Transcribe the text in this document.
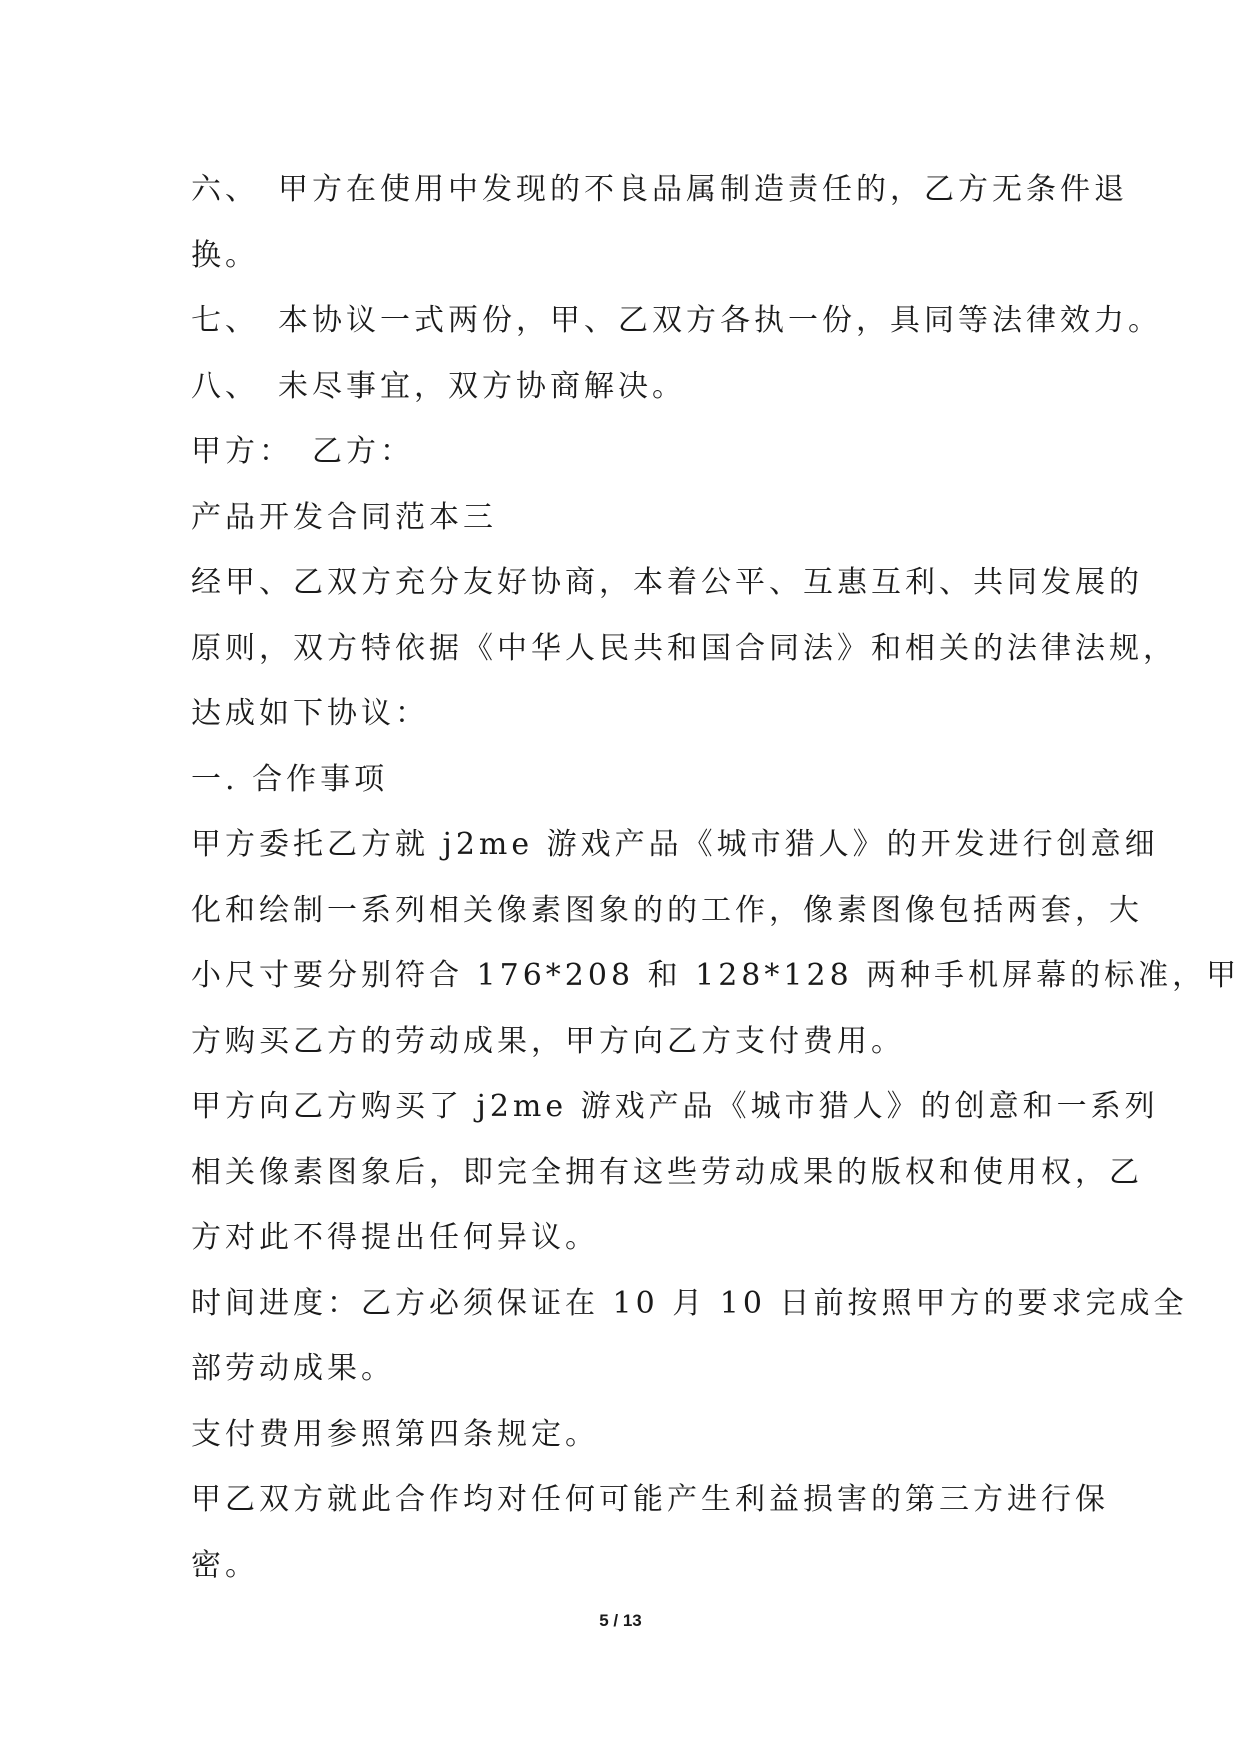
六、　甲方在使用中发现的不良品属制造责任的，乙方无条件退
换。

七、　本协议一式两份，甲、乙双方各执一份，具同等法律效力。

八、　未尽事宜，双方协商解决。

甲方：　乙方：

产品开发合同范本三

经甲、乙双方充分友好协商，本着公平、互惠互利、共同发展的
原则，双方特依据《中华人民共和国合同法》和相关的法律法规，
达成如下协议：

一. 合作事项

甲方委托乙方就 j2me 游戏产品《城市猎人》的开发进行创意细
化和绘制一系列相关像素图象的的工作，像素图像包括两套，大
小尺寸要分别符合 176*208 和 128*128 两种手机屏幕的标准，甲
方购买乙方的劳动成果，甲方向乙方支付费用。

甲方向乙方购买了 j2me 游戏产品《城市猎人》的创意和一系列
相关像素图象后，即完全拥有这些劳动成果的版权和使用权，乙
方对此不得提出任何异议。

时间进度：乙方必须保证在 10 月 10 日前按照甲方的要求完成全
部劳动成果。

支付费用参照第四条规定。

甲乙双方就此合作均对任何可能产生利益损害的第三方进行保
密。

5 / 13
